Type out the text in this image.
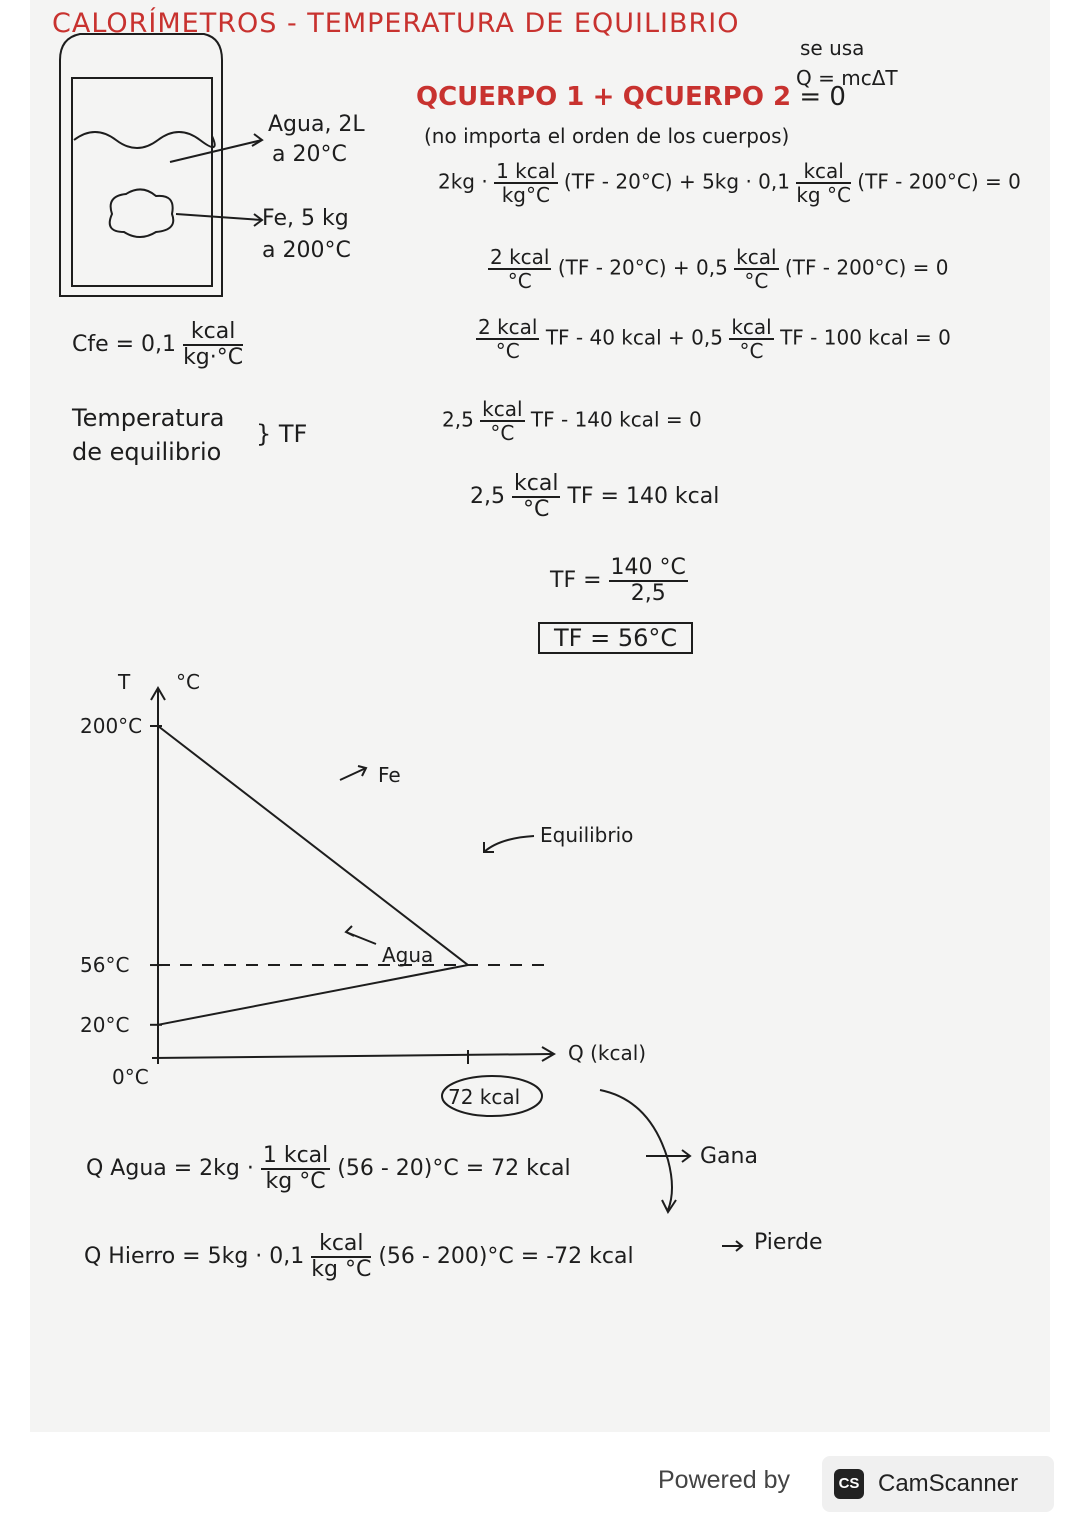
CALORÍMETROS - TEMPERATURA DE EQUILIBRIO
se usa
Q = mcΔT
QCUERPO 1 + QCUERPO 2 = 0
(no importa el orden de los cuerpos)
Agua, 2L
a 20°C
Fe, 5 kg
a 200°C
Cfe = $0,1 \frac{\text{kcal}}{kg\cdot^\circ C}$
Temperatura
de equilibrio
} TF
$2kg \cdot \frac{\text{1 kcal}}{kg^\circ C} (TF - 20^\circ C) + 5kg \cdot 0,1 \frac{\text{kcal}}{kg ^\circ C} (TF - 200^\circ C) = 0$
$\frac{\text{2 kcal}}{^\circ C} (TF - 20^\circ C) + 0,5 \frac{\text{kcal}}{^\circ C} (TF - 200^\circ C) = 0$
$\frac{\text{2 kcal}}{^\circ C}$ TF - 40 kcal + $0,5 \frac{\text{kcal}}{^\circ C}$ TF - 100 kcal = 0
$2,5 \frac{\text{kcal}}{^\circ C}$ TF - 140 kcal = 0
$2,5 \frac{\text{kcal}}{^\circ C}$ TF = 140 kcal
TF = $\frac{140 ^\circ C}{2,5}$
TF = 56°C
200°C
56°C
20°C
0°C
72 kcal
Q (kcal)
Fe
Agua
Equilibrio
T °C
Q Agua = $2kg \cdot \frac{\text{1 kcal}}{kg ^\circ C} (56 - 20)^\circ C = 72$ kcal	Gana
Q Hierro = $5kg \cdot 0,1 \frac{\text{kcal}}{kg ^\circ C} (56 - 200)^\circ C = -72$ kcal
Pierde
Powered by	CS CamScanner
